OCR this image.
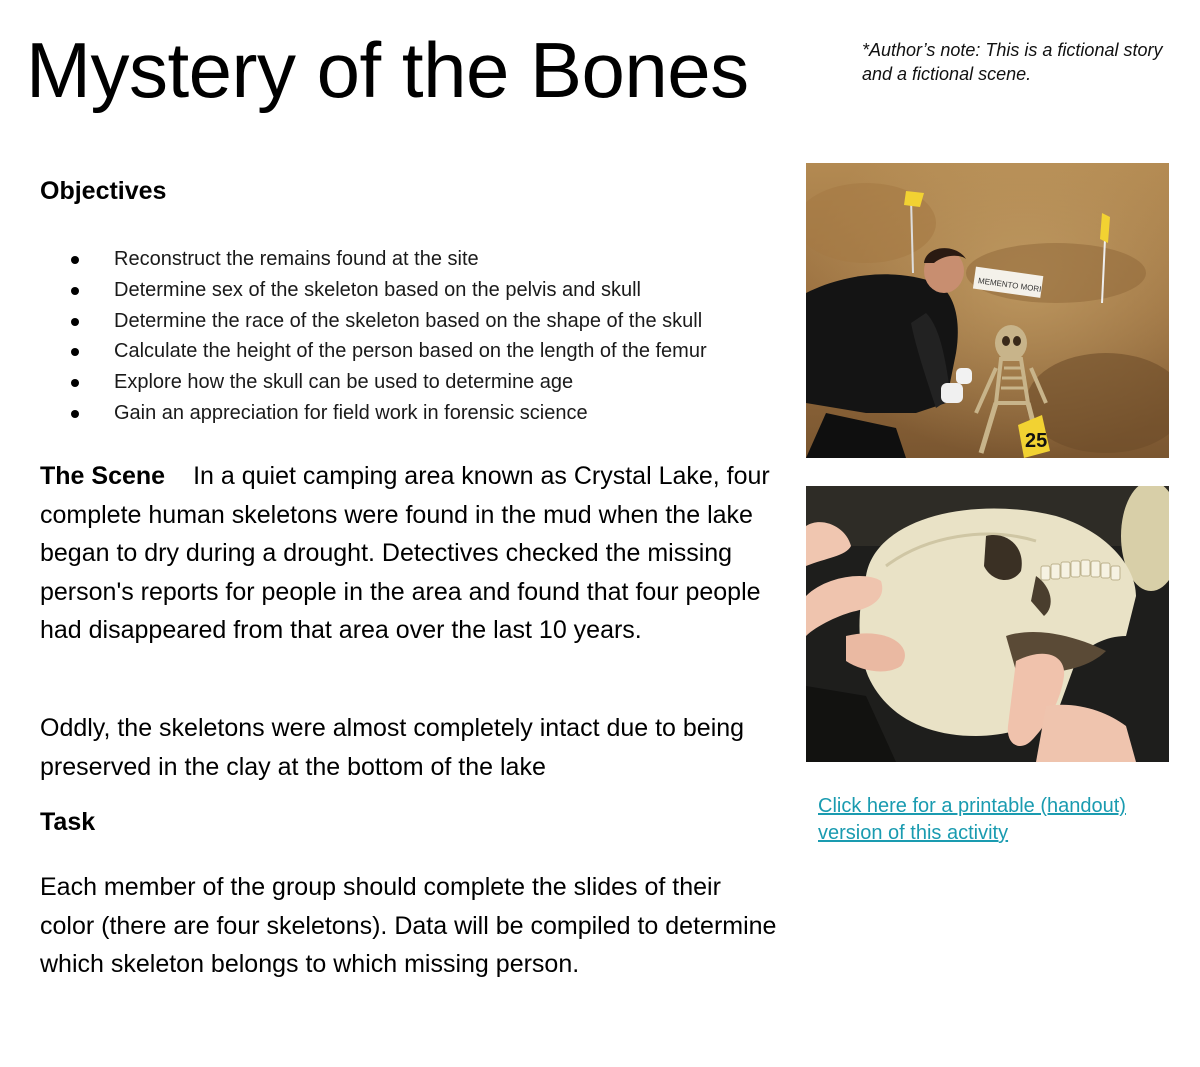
Mystery of the Bones	*Author’s note: This is a fictional story and a fictional scene.
Objectives
Reconstruct the remains found at the site
Determine sex of the skeleton based on the pelvis and skull
Determine the race of the skeleton based on the shape of the skull
Calculate the height of the person based on the length of the femur
Explore how the skull can be used to determine age
Gain an appreciation for field work in forensic science

The Scene In a quiet camping area known as Crystal Lake, four complete human skeletons were found in the mud when the lake began to dry during a drought. Detectives checked the missing person's reports for people in the area and found that four people had disappeared from that area over the last 10 years.

Oddly, the skeletons were almost completely intact due to being preserved in the clay at the bottom of the lake

Task

Each member of the group should complete the slides of their color (there are four skeletons). Data will be compiled to determine which skeleton belongs to which missing person.

MEMENTO MORI
25
Click here for a printable (handout) version of this activity
